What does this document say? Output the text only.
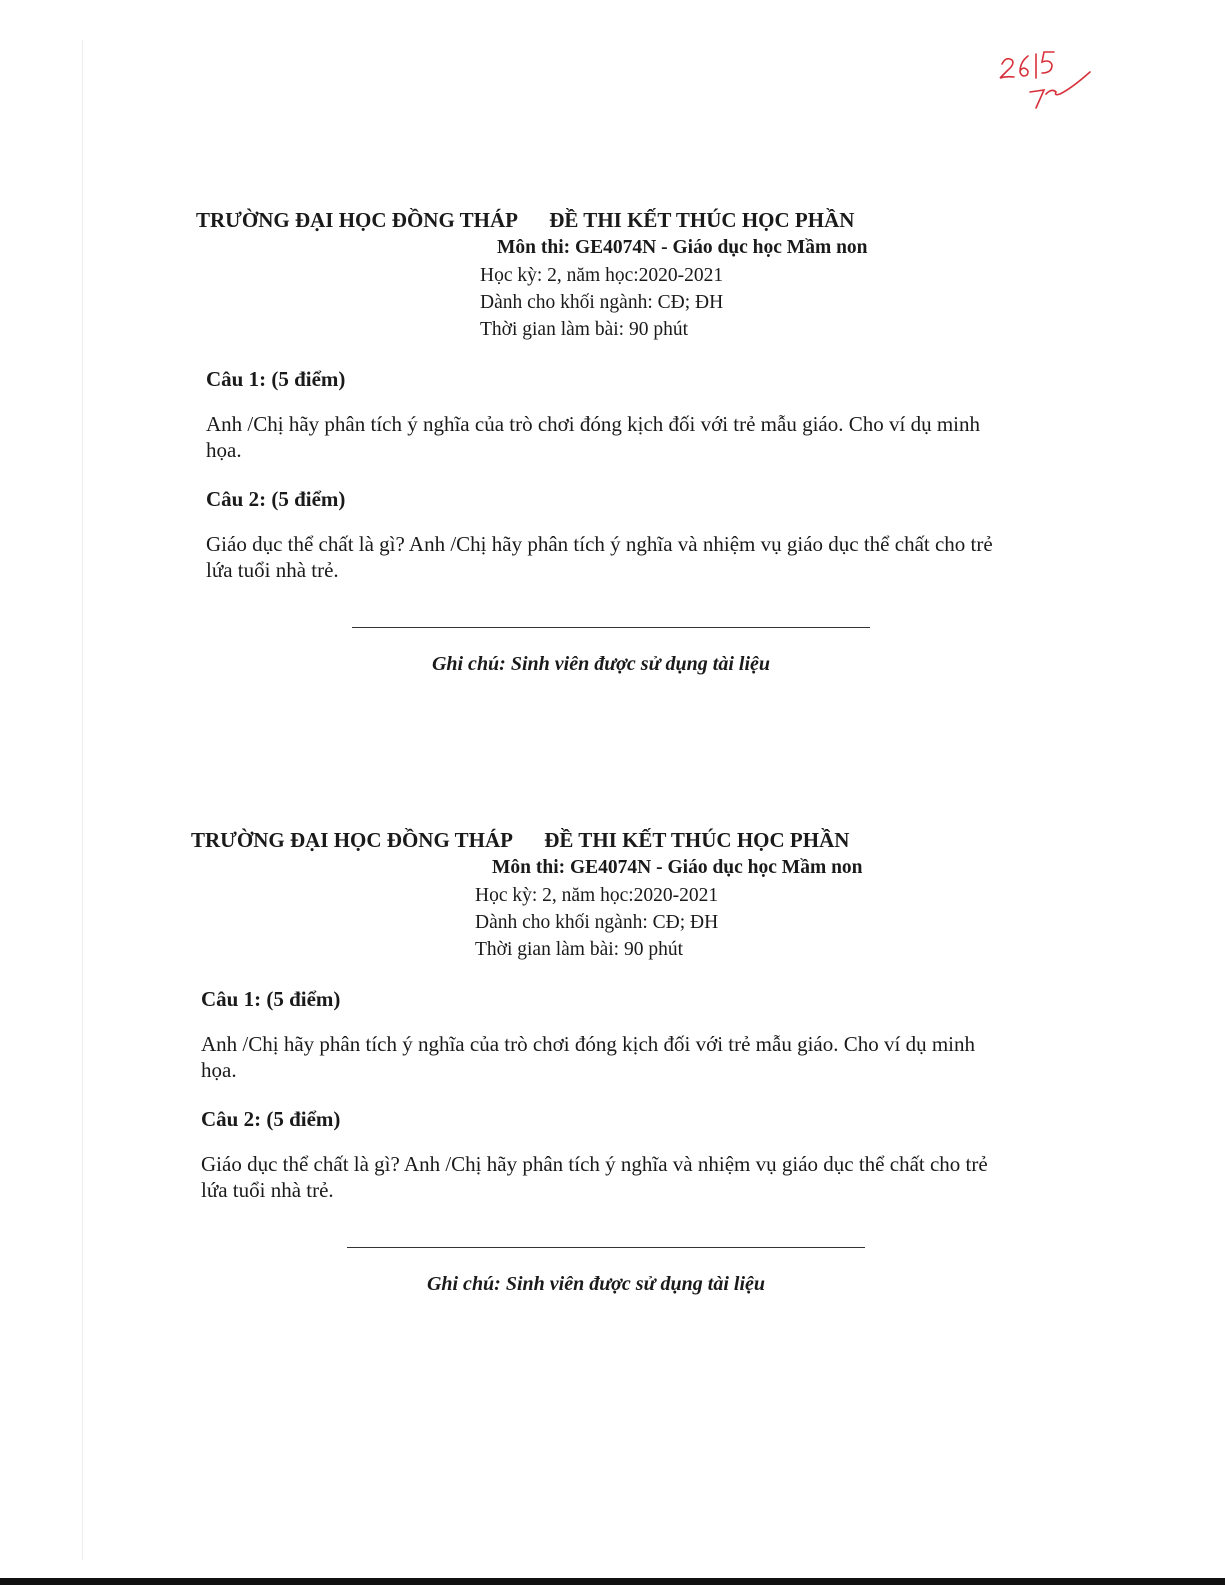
TRƯỜNG ĐẠI HỌC ĐỒNG THÁP ĐỀ THI KẾT THÚC HỌC PHẦN
Môn thi: GE4074N - Giáo dục học Mầm non
Học kỳ: 2, năm học:2020-2021
Dành cho khối ngành: CĐ; ĐH
Thời gian làm bài: 90 phút
Câu 1: (5 điểm)
Anh /Chị hãy phân tích ý nghĩa của trò chơi đóng kịch đối với trẻ mẫu giáo. Cho ví dụ minh họa.
Câu 2: (5 điểm)
Giáo dục thể chất là gì? Anh /Chị hãy phân tích ý nghĩa và nhiệm vụ giáo dục thể chất cho trẻ lứa tuổi nhà trẻ.
Ghi chú: Sinh viên được sử dụng tài liệu
TRƯỜNG ĐẠI HỌC ĐỒNG THÁP ĐỀ THI KẾT THÚC HỌC PHẦN
Môn thi: GE4074N - Giáo dục học Mầm non
Học kỳ: 2, năm học:2020-2021
Dành cho khối ngành: CĐ; ĐH
Thời gian làm bài: 90 phút
Câu 1: (5 điểm)
Anh /Chị hãy phân tích ý nghĩa của trò chơi đóng kịch đối với trẻ mẫu giáo. Cho ví dụ minh họa.
Câu 2: (5 điểm)
Giáo dục thể chất là gì? Anh /Chị hãy phân tích ý nghĩa và nhiệm vụ giáo dục thể chất cho trẻ lứa tuổi nhà trẻ.
Ghi chú: Sinh viên được sử dụng tài liệu
